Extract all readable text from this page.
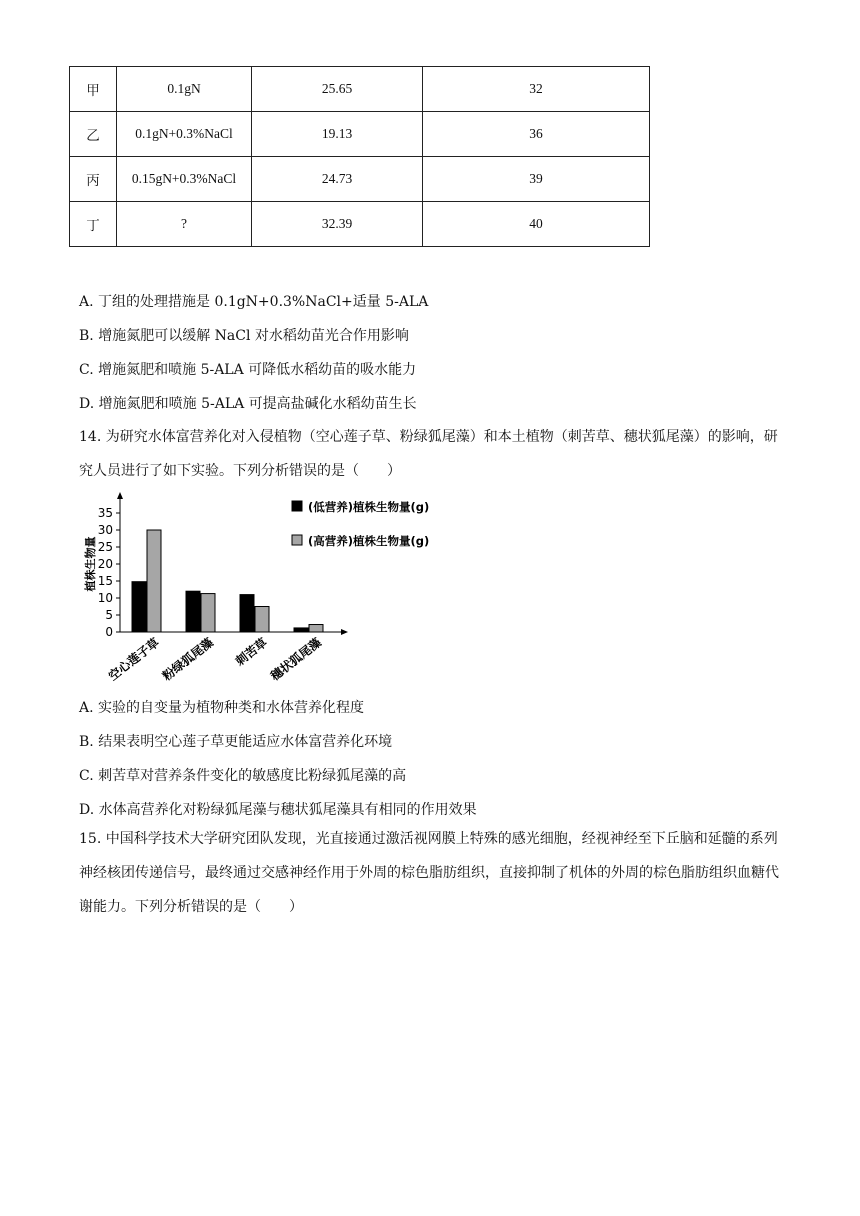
甲	0.1gN	25.65	32
乙	0.1gN+0.3%NaCl	19.13	36
丙	0.15gN+0.3%NaCl	24.73	39
丁	?	32.39	40
A. 丁组的处理措施是 0.1gN+0.3%NaCl+适量 5-ALA
B. 增施氮肥可以缓解 NaCl 对水稻幼苗光合作用影响
C. 增施氮肥和喷施 5-ALA 可降低水稻幼苗的吸水能力
D. 增施氮肥和喷施 5-ALA 可提高盐碱化水稻幼苗生长
14. 为研究水体富营养化对入侵植物（空心莲子草、粉绿狐尾藻）和本土植物（刺苦草、穗状狐尾藻）的影响，研究人员进行了如下实验。下列分析错误的是（　　）
植株生物量
0
5
10
15
20
25
30
35
空心莲子草
粉绿狐尾藻 刺苦草
穗状狐尾藻
(低营养)植株生物量(g)
(高营养)植株生物量(g)
A. 实验的自变量为植物种类和水体营养化程度
B. 结果表明空心莲子草更能适应水体富营养化环境
C. 刺苦草对营养条件变化的敏感度比粉绿狐尾藻的高
D. 水体高营养化对粉绿狐尾藻与穗状狐尾藻具有相同的作用效果
15. 中国科学技术大学研究团队发现，光直接通过激活视网膜上特殊的感光细胞，经视神经至下丘脑和延髓的系列神经核团传递信号，最终通过交感神经作用于外周的棕色脂肪组织，直接抑制了机体的外周的棕色脂肪组织血糖代谢能力。下列分析错误的是（　　）
